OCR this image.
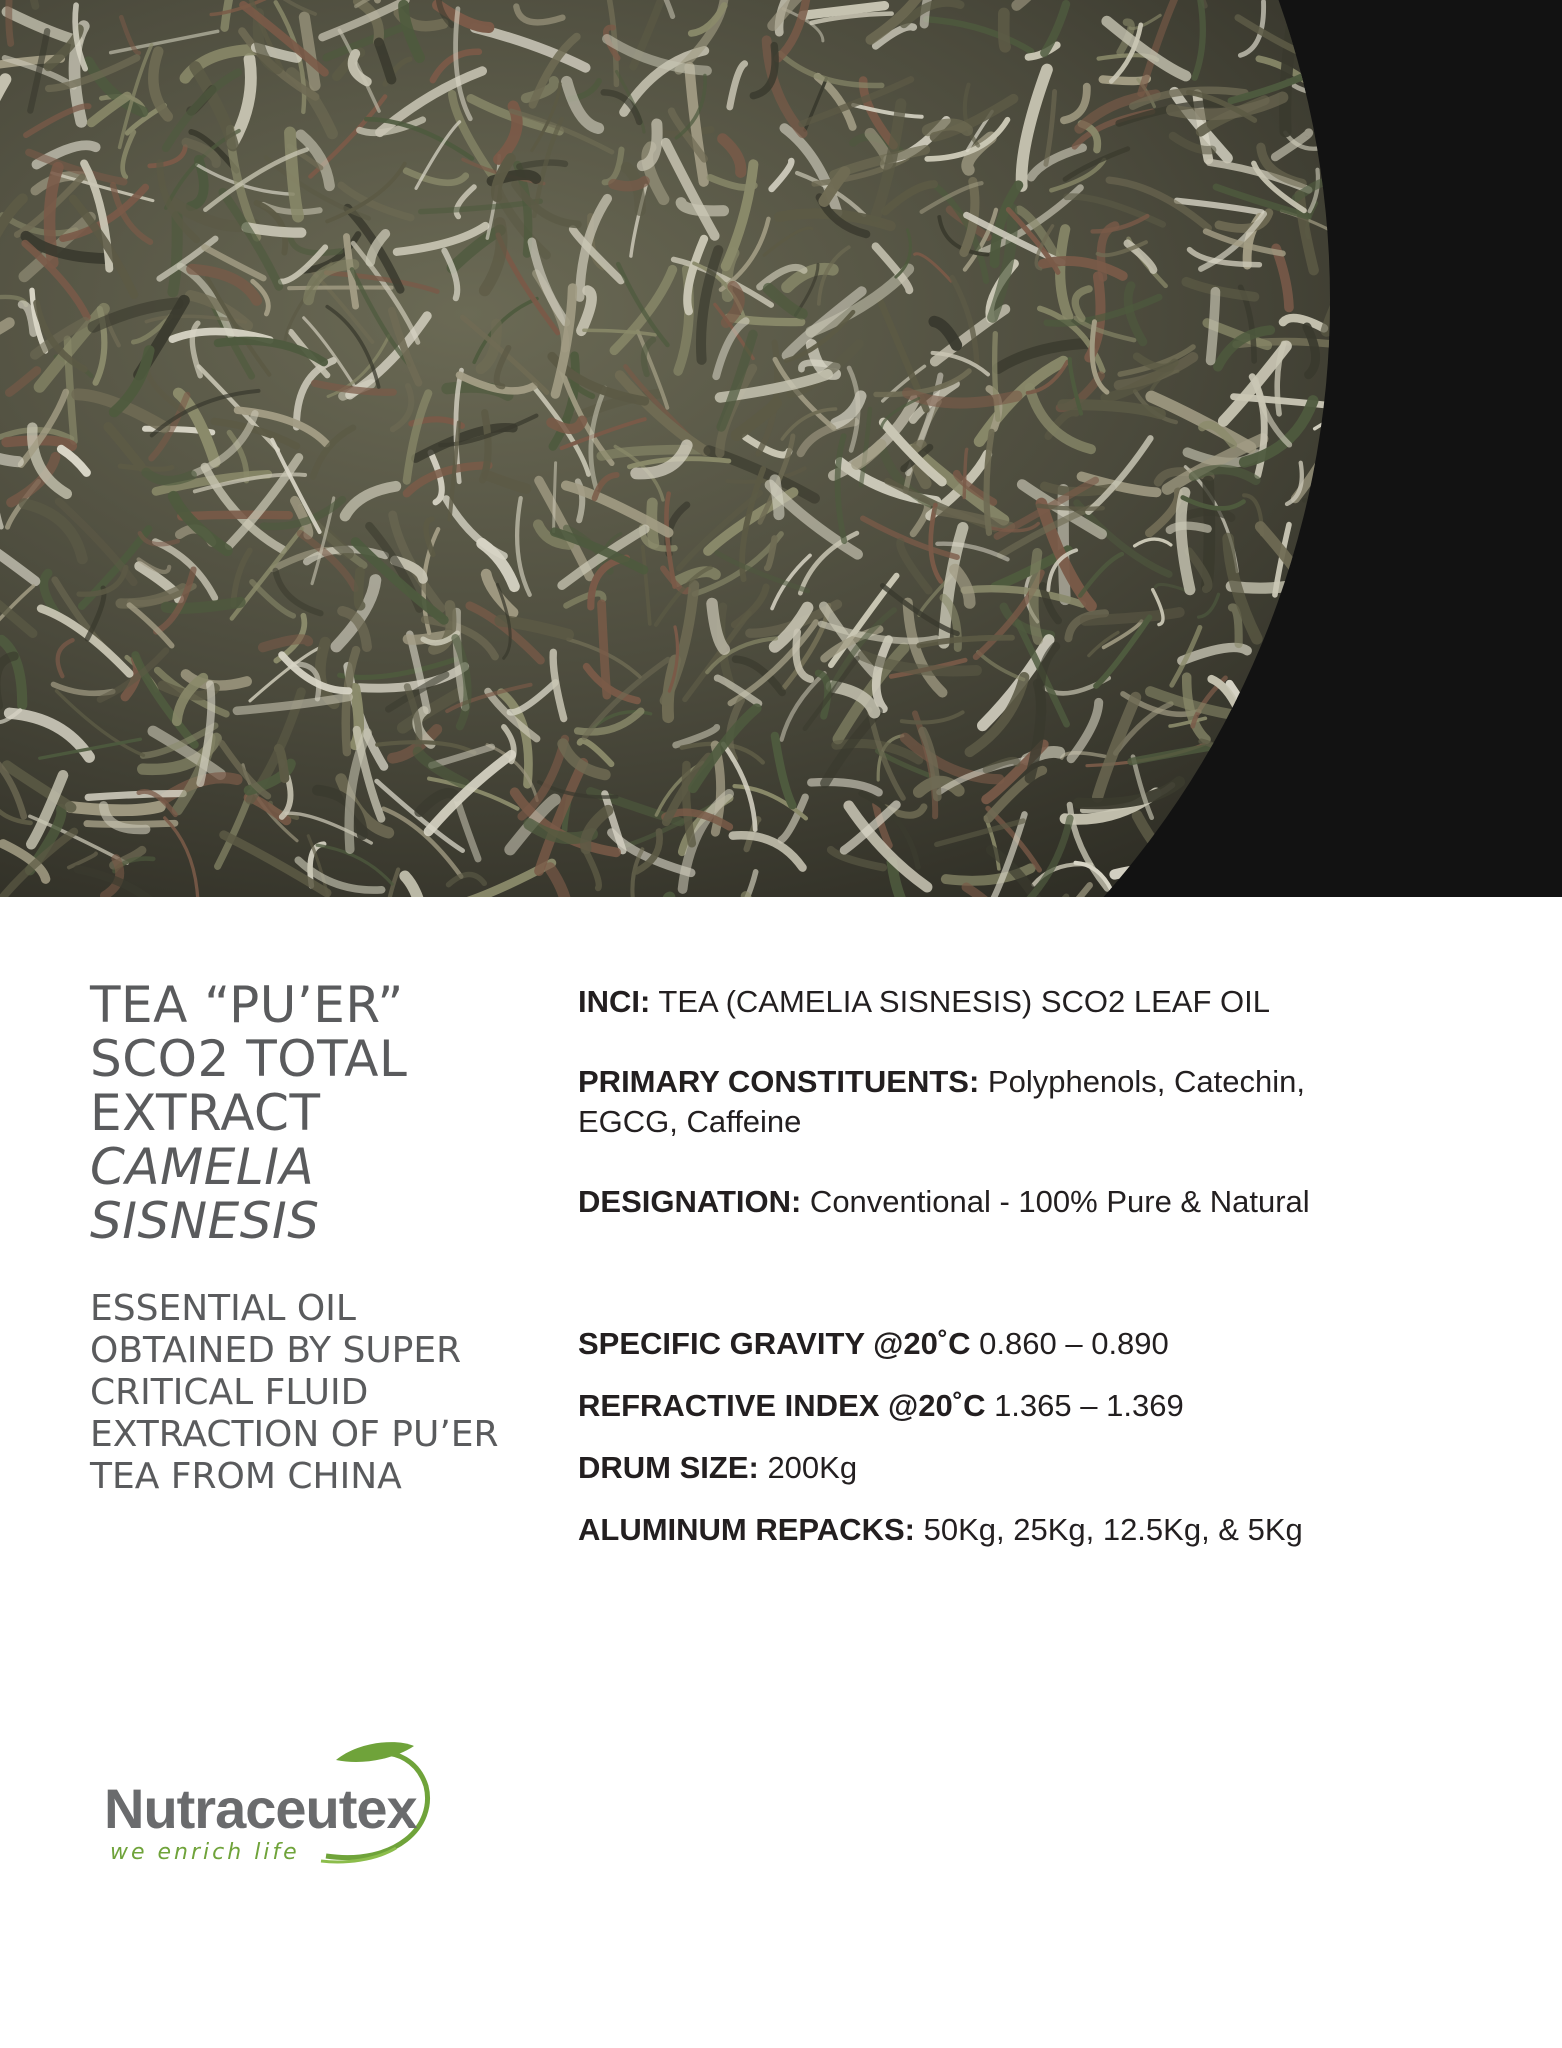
TEA “PU’ER”
SCO2 TOTAL
EXTRACT
CAMELIA
SISNESIS
ESSENTIAL OIL
OBTAINED BY SUPER
CRITICAL FLUID
EXTRACTION OF PU’ER
TEA FROM CHINA
INCI: TEA (CAMELIA SISNESIS) SCO2 LEAF OIL
PRIMARY CONSTITUENTS: Polyphenols, Catechin,
EGCG, Caffeine
DESIGNATION: Conventional - 100% Pure & Natural
SPECIFIC GRAVITY @20˚C 0.860 – 0.890
REFRACTIVE INDEX @20˚C 1.365 – 1.369
DRUM SIZE: 200Kg
ALUMINUM REPACKS: 50Kg, 25Kg, 12.5Kg, & 5Kg
Nutraceutex
we enrich life
